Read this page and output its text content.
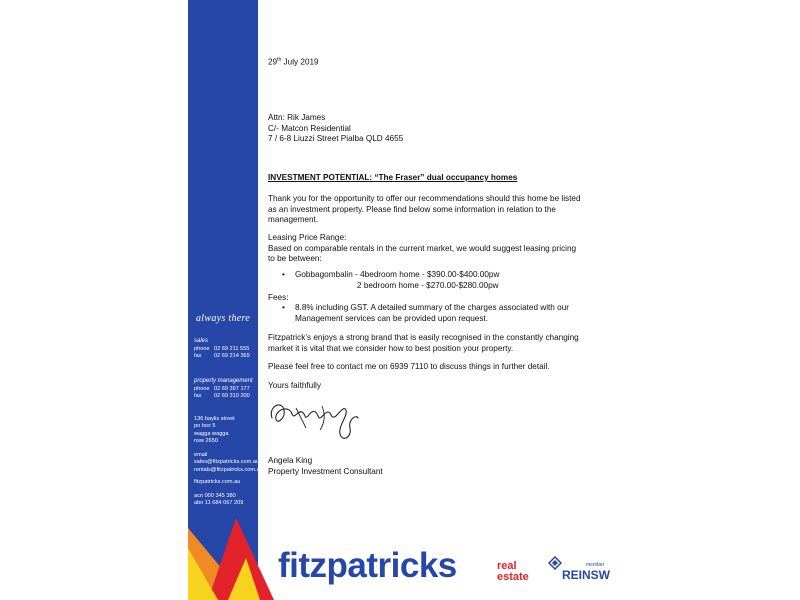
always there
sales
phone 02 69 211 555
fax 02 69 214 369
property management
phone 02 69 397 177
fax 02 69 310 200
136 baylis street
po box 5
wagga wagga
nsw 2650
email
sales@fitzpatricks.com.au
rentals@fitzpatricks.com.au
fitzpatricks.com.au
acn 000 345 380
abn 11 684 067 209
fitzpatricks	real
estate
member
REINSW
29th July 2019
Attn: Rik James
C/- Matcon Residential
7 / 6-8 Liuzzi Street Pialba QLD 4655
INVESTMENT POTENTIAL: “The Fraser” dual occupancy homes
Thank you for the opportunity to offer our recommendations should this home be listed as an investment property. Please find below some information in relation to the management.
Leasing Price Range:
Based on comparable rentals in the current market, we would suggest leasing pricing to be between:
• Gobbagombalin - 4bedroom home - $390.00-$400.00pw
2 bedroom home - $270.00-$280.00pw
Fees:
• 8.8% including GST. A detailed summary of the charges associated with our Management services can be provided upon request.
Fitzpatrick’s enjoys a strong brand that is easily recognised in the constantly changing market it is vital that we consider how to best position your property.
Please feel free to contact me on 6939 7110 to discuss things in further detail.
Yours faithfully
Angela King
Property Investment Consultant
